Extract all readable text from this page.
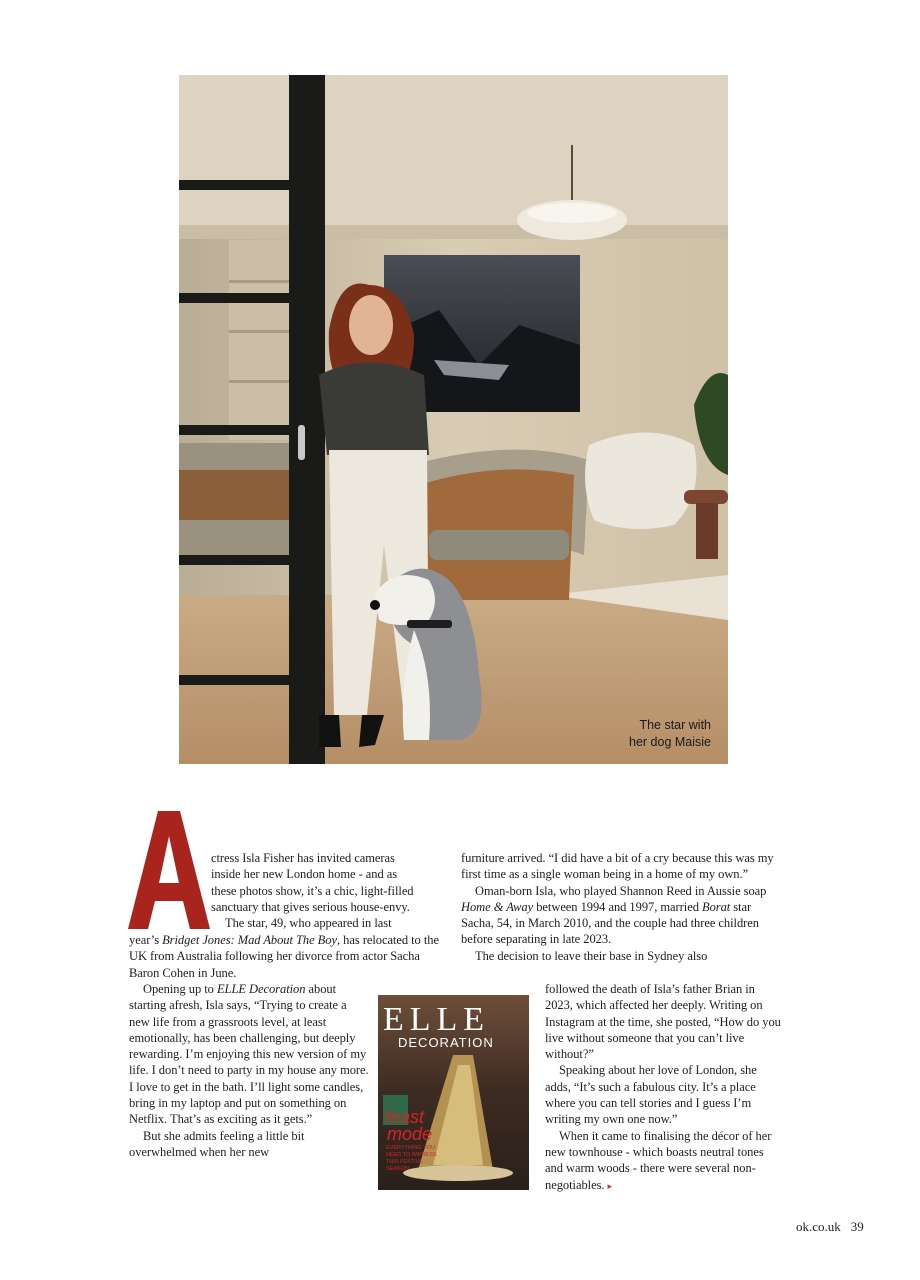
The star with
her dog Maisie
A
ctress Isla Fisher has invited cameras
inside her new London home - and as
these photos show, it’s a chic, light-filled
sanctuary that gives serious house-envy.
The star, 49, who appeared in last

year’s Bridget Jones: Mad About The Boy, has relocated to the UK from Australia following her divorce from actor Sacha Baron Cohen in June.

Opening up to ELLE Decoration about starting afresh, Isla says, “Trying to create a new life from a grassroots level, at least emotionally, has been challenging, but deeply rewarding. I’m enjoying this new version of my life. I don’t need to party in my house any more. I love to get in the bath. I’ll light some candles, bring in my laptop and put on something on Netflix. That’s as exciting as it gets.”

But she admits feeling a little bit overwhelmed when her new

furniture arrived. “I did have a bit of a cry because this was my first time as a single woman being in a home of my own.”

Oman-born Isla, who played Shannon Reed in Aussie soap Home & Away between 1994 and 1997, married Borat star Sacha, 54, in March 2010, and the couple had three children before separating in late 2023.

The decision to leave their base in Sydney also

followed the death of Isla’s father Brian in 2023, which affected her deeply. Writing on Instagram at the time, she posted, “How do you live without someone that you can’t live without?”

Speaking about her love of London, she adds, “It’s such a fabulous city. It’s a place where you can tell stories and I guess I’m writing my own one now.”

When it came to finalising the décor of her new townhouse - which boasts neutral tones and warm woods - there were several non-negotiables. ▸

ELLE
DECORATION
feast
mode
EVERYTHING YOU
NEED TO IMPRESS
THIS FESTIVE
SEASON
ok.co.uk 39
